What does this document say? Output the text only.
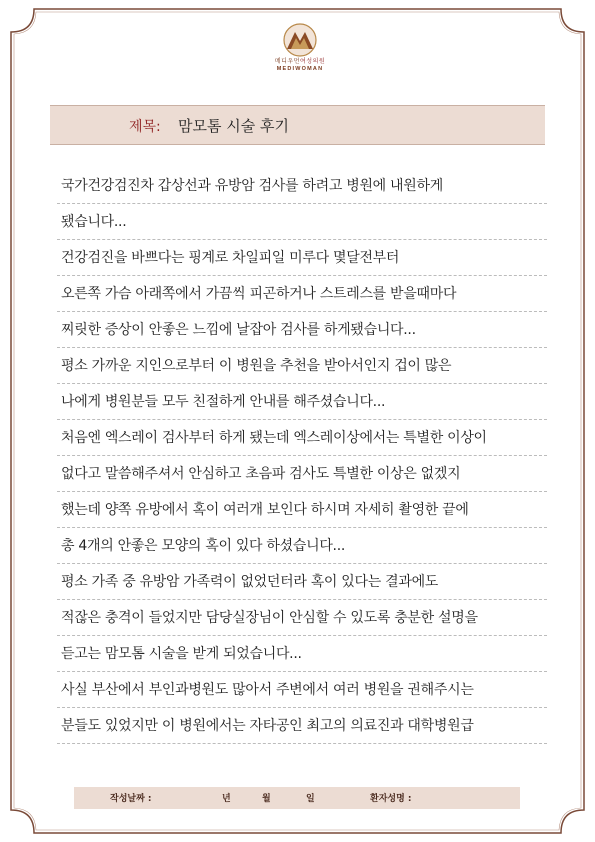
메디우먼여성의원
MEDIWOMAN
제목: 맘모톰 시술 후기
국가건강검진차 갑상선과 유방암 검사를 하려고 병원에 내원하게
됐습니다...
건강검진을 바쁘다는 핑계로 차일피일 미루다 몇달전부터
오른쪽 가슴 아래쪽에서 가끔씩 피곤하거나 스트레스를 받을때마다
찌릿한 증상이 안좋은 느낌에 날잡아 검사를 하게됐습니다...
평소 가까운 지인으로부터 이 병원을 추천을 받아서인지 겁이 많은
나에게 병원분들 모두 친절하게 안내를 해주셨습니다...
처음엔 엑스레이 검사부터 하게 됐는데 엑스레이상에서는 특별한 이상이
없다고 말씀해주셔서 안심하고 초음파 검사도 특별한 이상은 없겠지
했는데 양쪽 유방에서 혹이 여러개 보인다 하시며 자세히 촬영한 끝에
총 4개의 안좋은 모양의 혹이 있다 하셨습니다...
평소 가족 중 유방암 가족력이 없었던터라 혹이 있다는 결과에도
적잖은 충격이 들었지만 담당실장님이 안심할 수 있도록 충분한 설명을
듣고는 맘모톰 시술을 받게 되었습니다...
사실 부산에서 부인과병원도 많아서 주변에서 여러 병원을 권해주시는
분들도 있었지만 이 병원에서는 자타공인 최고의 의료진과 대학병원급
작성날짜 :	년	월	일	환자성명 :
